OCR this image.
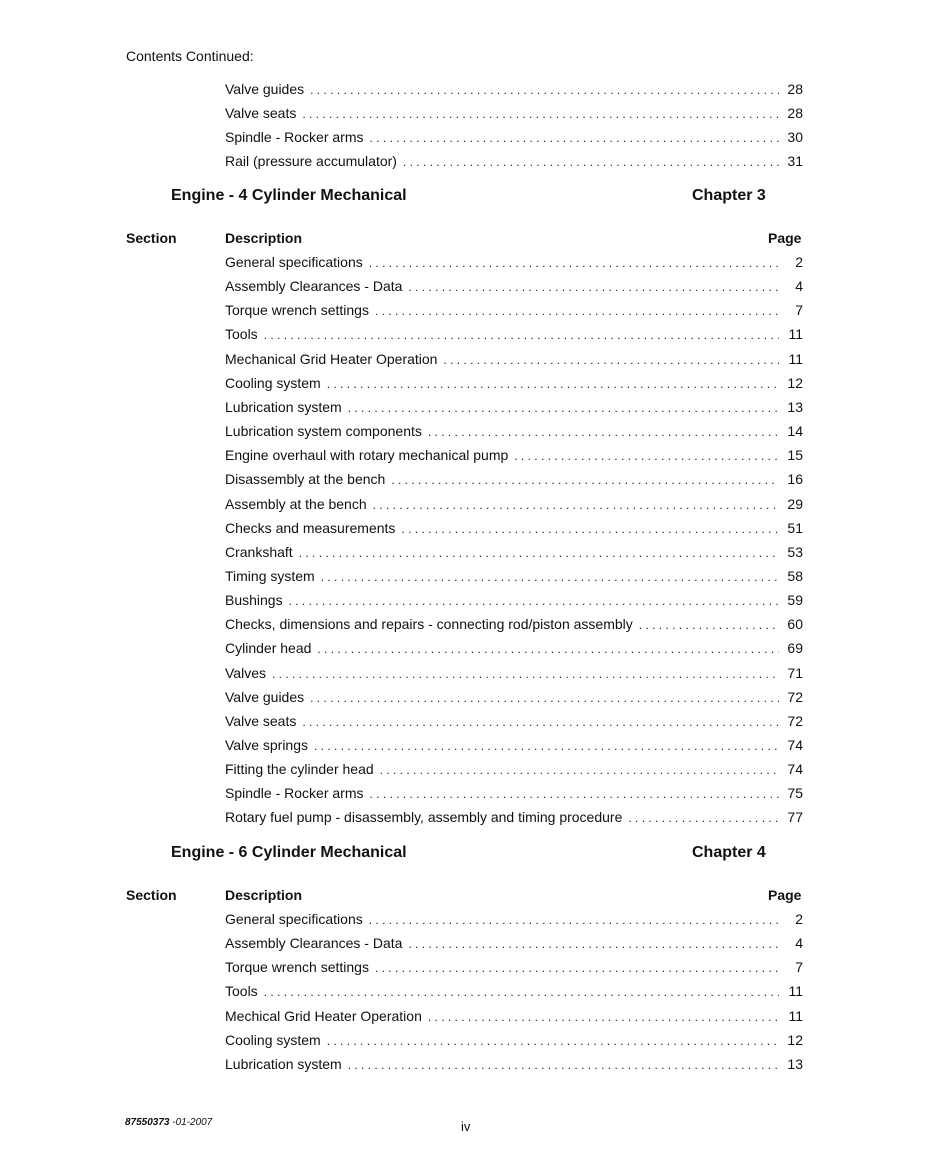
Contents Continued:
Valve guides . . .	28
Valve seats . . .	28
Spindle - Rocker arms . . .	30
Rail (pressure accumulator) . . .	31
Engine - 4 Cylinder Mechanical	Chapter 3
Section	Description	Page
General specifications . . .	2
Assembly Clearances - Data . . .	4
Torque wrench settings . . .	7
Tools . . .	11
Mechanical Grid Heater Operation . . .	11
Cooling system . . .	12
Lubrication system . . .	13
Lubrication system components . . .	14
Engine overhaul with rotary mechanical pump . . .	15
Disassembly at the bench . . .	16
Assembly at the bench . . .	29
Checks and measurements . . .	51
Crankshaft . . .	53
Timing system . . .	58
Bushings . . .	59
Checks, dimensions and repairs - connecting rod/piston assembly . . .	60
Cylinder head . . .	69
Valves . . .	71
Valve guides . . .	72
Valve seats . . .	72
Valve springs . . .	74
Fitting the cylinder head . . .	74
Spindle - Rocker arms . . .	75
Rotary fuel pump - disassembly, assembly and timing procedure . . .	77
Engine - 6 Cylinder Mechanical	Chapter 4
Section	Description	Page
General specifications . . .	2
Assembly Clearances - Data . . .	4
Torque wrench settings . . .	7
Tools . . .	11
Mechical Grid Heater Operation . . .	11
Cooling system . . .	12
Lubrication system . . .	13
87550373 -01-2007	iv
